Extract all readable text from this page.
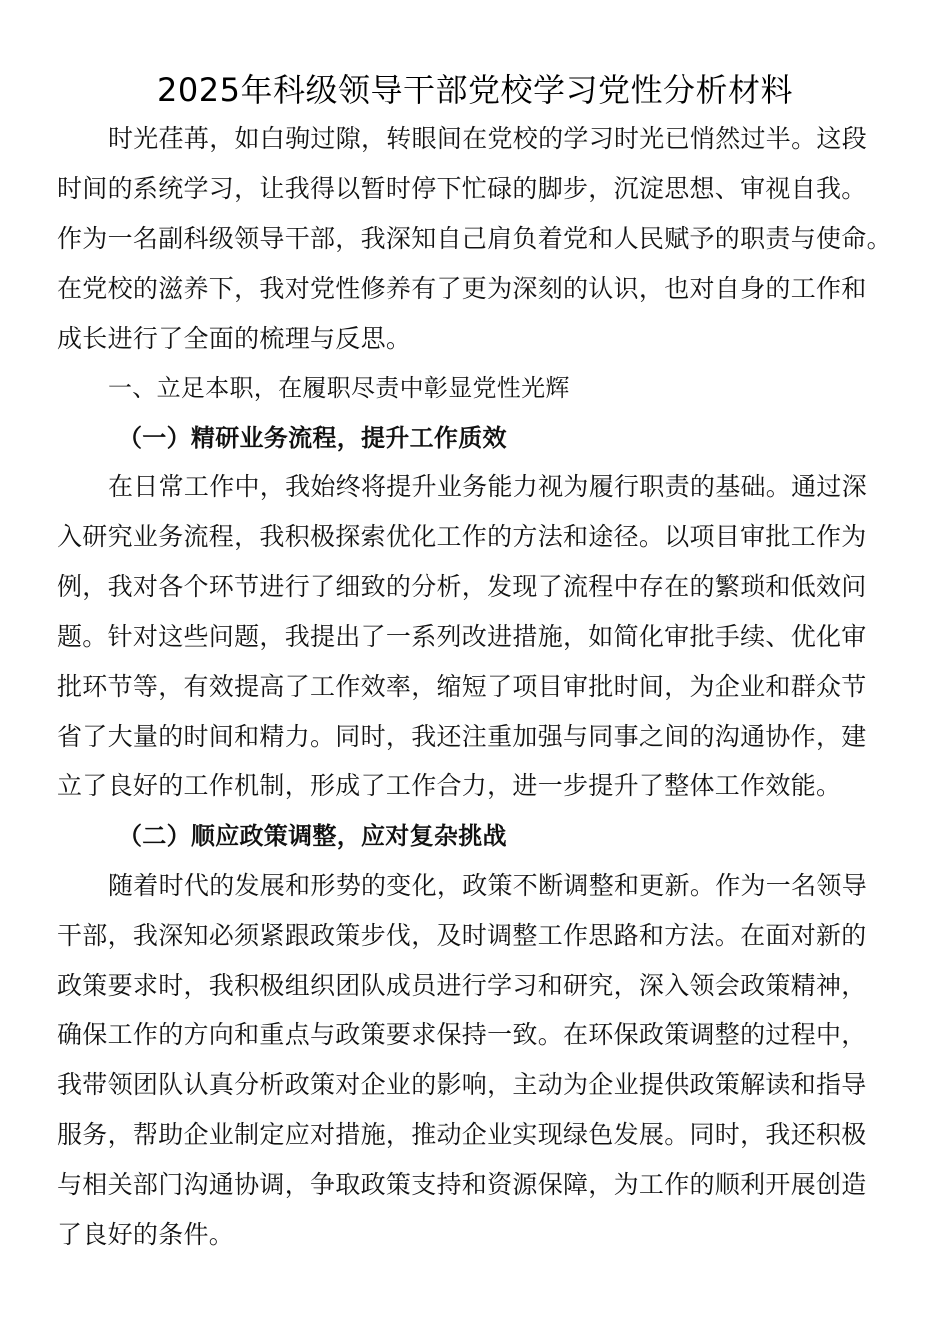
2025年科级领导干部党校学习党性分析材料
时光荏苒，如白驹过隙，转眼间在党校的学习时光已悄然过半。这段
时间的系统学习，让我得以暂时停下忙碌的脚步，沉淀思想、审视自我。
作为一名副科级领导干部，我深知自己肩负着党和人民赋予的职责与使命。
在党校的滋养下，我对党性修养有了更为深刻的认识，也对自身的工作和
成长进行了全面的梳理与反思。
一、立足本职，在履职尽责中彰显党性光辉
（一）精研业务流程，提升工作质效
在日常工作中，我始终将提升业务能力视为履行职责的基础。通过深
入研究业务流程，我积极探索优化工作的方法和途径。以项目审批工作为
例，我对各个环节进行了细致的分析，发现了流程中存在的繁琐和低效问
题。针对这些问题，我提出了一系列改进措施，如简化审批手续、优化审
批环节等，有效提高了工作效率，缩短了项目审批时间，为企业和群众节
省了大量的时间和精力。同时，我还注重加强与同事之间的沟通协作，建
立了良好的工作机制，形成了工作合力，进一步提升了整体工作效能。
（二）顺应政策调整，应对复杂挑战
随着时代的发展和形势的变化，政策不断调整和更新。作为一名领导
干部，我深知必须紧跟政策步伐，及时调整工作思路和方法。在面对新的
政策要求时，我积极组织团队成员进行学习和研究，深入领会政策精神，
确保工作的方向和重点与政策要求保持一致。在环保政策调整的过程中，
我带领团队认真分析政策对企业的影响，主动为企业提供政策解读和指导
服务，帮助企业制定应对措施，推动企业实现绿色发展。同时，我还积极
与相关部门沟通协调，争取政策支持和资源保障，为工作的顺利开展创造
了良好的条件。
